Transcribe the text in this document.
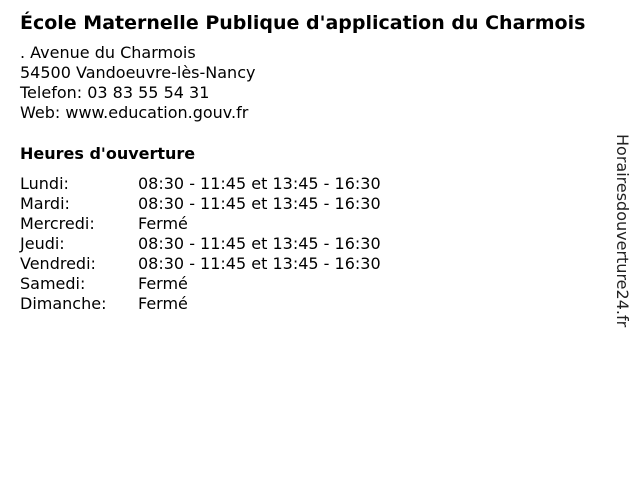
École Maternelle Publique d'application du Charmois
. Avenue du Charmois
54500 Vandoeuvre-lès-Nancy
Telefon: 03 83 55 54 31
Web: www.education.gouv.fr
Heures d'ouverture
Lundi:	08:30 - 11:45 et 13:45 - 16:30
Mardi:	08:30 - 11:45 et 13:45 - 16:30
Mercredi:	Fermé
Jeudi:	08:30 - 11:45 et 13:45 - 16:30
Vendredi:	08:30 - 11:45 et 13:45 - 16:30
Samedi:	Fermé
Dimanche:	Fermé	Horairesdouverture24.fr
